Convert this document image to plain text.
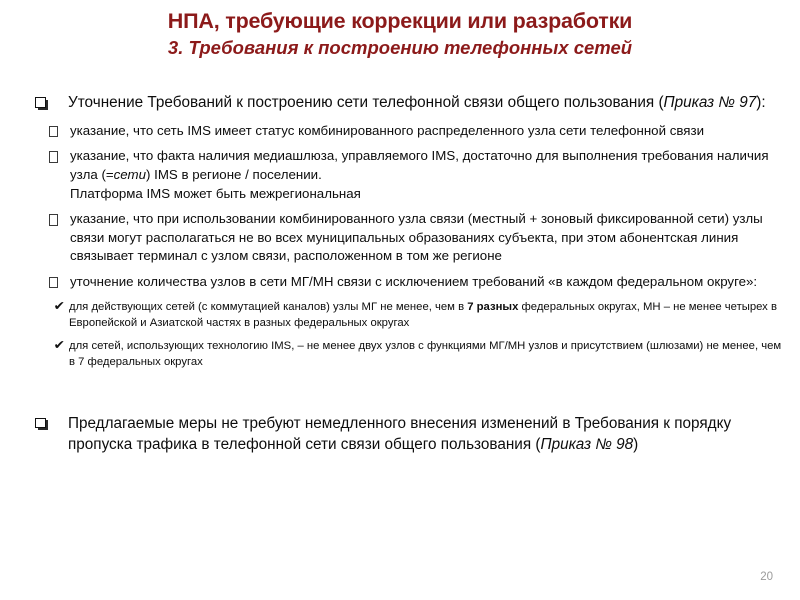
НПА, требующие коррекции или разработки
3. Требования к построению телефонных сетей
Уточнение Требований к построению сети телефонной связи общего пользования (Приказ № 97):
указание, что сеть IMS имеет статус комбинированного распределенного узла сети телефонной связи
указание, что факта наличия медиашлюза, управляемого IMS, достаточно для выполнения требования наличия узла (=сети) IMS в регионе / поселении.
Платформа IMS может быть межрегиональная
указание, что при использовании комбинированного узла связи (местный + зоновый фиксированной сети) узлы связи могут располагаться не во всех муниципальных образованиях субъекта, при этом абонентская линия связывает терминал с узлом связи, расположенном в том же регионе
уточнение количества узлов в сети МГ/МН связи с исключением требований «в каждом федеральном округе»:
✔ для действующих сетей (с коммутацией каналов) узлы МГ не менее, чем в 7 разных федеральных округах, МН – не менее четырех в Европейской и Азиатской частях в разных федеральных округах
✔ для сетей, использующих технологию IMS, – не менее двух узлов с функциями МГ/МН узлов и присутствием (шлюзами) не менее, чем в 7 федеральных округах
Предлагаемые меры не требуют немедленного внесения изменений в Требования к порядку пропуска трафика в телефонной сети связи общего пользования (Приказ № 98)
20
